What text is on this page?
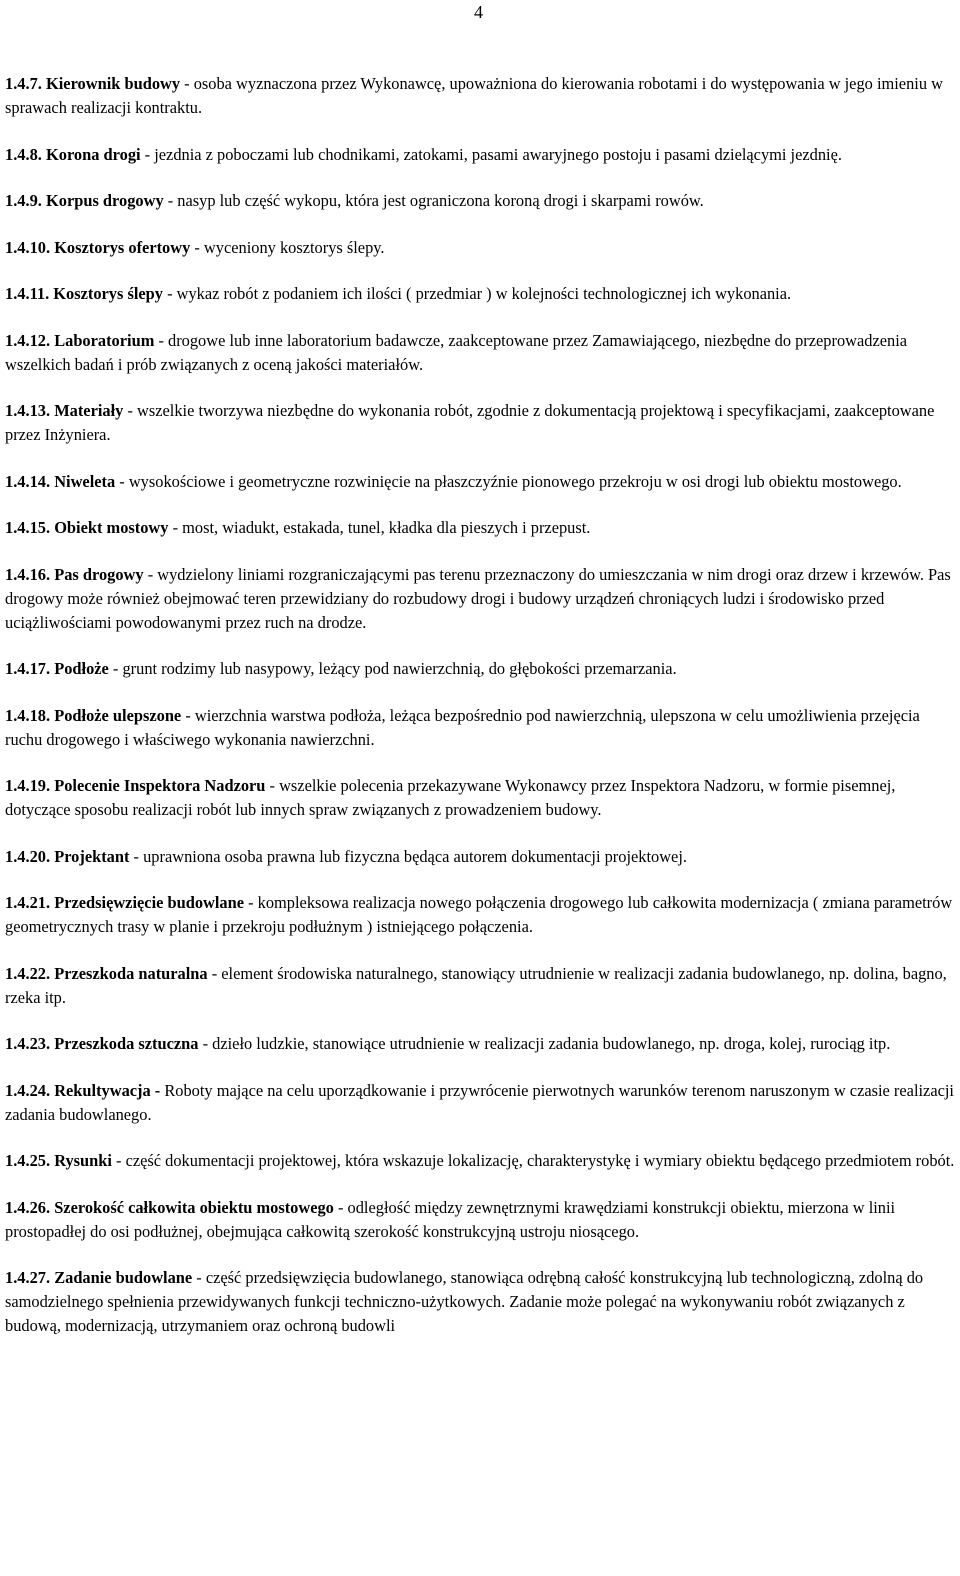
4

1.4.7. Kierownik budowy - osoba wyznaczona przez Wykonawcę, upoważniona do kierowania robotami i do występowania w jego imieniu w sprawach realizacji kontraktu.

1.4.8. Korona drogi - jezdnia z poboczami lub chodnikami, zatokami, pasami awaryjnego postoju i pasami dzielącymi jezdnię.

1.4.9. Korpus drogowy - nasyp lub część wykopu, która jest ograniczona koroną drogi i skarpami rowów.

1.4.10. Kosztorys ofertowy - wyceniony kosztorys ślepy.

1.4.11. Kosztorys ślepy - wykaz robót z podaniem ich ilości ( przedmiar ) w kolejności technologicznej ich wykonania.

1.4.12. Laboratorium - drogowe lub inne laboratorium badawcze, zaakceptowane przez Zamawiającego, niezbędne do przeprowadzenia wszelkich badań i prób związanych z oceną jakości materiałów.

1.4.13. Materiały - wszelkie tworzywa niezbędne do wykonania robót, zgodnie z dokumentacją projektową i specyfikacjami, zaakceptowane przez Inżyniera.

1.4.14. Niweleta - wysokościowe i geometryczne rozwinięcie na płaszczyźnie pionowego przekroju w osi drogi lub obiektu mostowego.

1.4.15. Obiekt mostowy - most, wiadukt, estakada, tunel, kładka dla pieszych i przepust.

1.4.16. Pas drogowy - wydzielony liniami rozgraniczającymi pas terenu przeznaczony do umieszczania w nim drogi oraz drzew i krzewów. Pas drogowy może również obejmować teren przewidziany do rozbudowy drogi i budowy urządzeń chroniących ludzi i środowisko przed uciążliwościami powodowanymi przez ruch na drodze.

1.4.17. Podłoże - grunt rodzimy lub nasypowy, leżący pod nawierzchnią, do głębokości przemarzania.

1.4.18. Podłoże ulepszone - wierzchnia warstwa podłoża, leżąca bezpośrednio pod nawierzchnią, ulepszona w celu umożliwienia przejęcia ruchu drogowego i właściwego wykonania nawierzchni.

1.4.19. Polecenie Inspektora Nadzoru - wszelkie polecenia przekazywane Wykonawcy przez Inspektora Nadzoru, w formie pisemnej, dotyczące sposobu realizacji robót lub innych spraw związanych z prowadzeniem budowy.

1.4.20. Projektant - uprawniona osoba prawna lub fizyczna będąca autorem dokumentacji projektowej.

1.4.21. Przedsięwzięcie budowlane - kompleksowa realizacja nowego połączenia drogowego lub całkowita modernizacja ( zmiana parametrów geometrycznych trasy w planie i przekroju podłużnym ) istniejącego połączenia.

1.4.22. Przeszkoda naturalna - element środowiska naturalnego, stanowiący utrudnienie w realizacji zadania budowlanego, np. dolina, bagno, rzeka itp.

1.4.23. Przeszkoda sztuczna - dzieło ludzkie, stanowiące utrudnienie w realizacji zadania budowlanego, np. droga, kolej, rurociąg itp.

1.4.24. Rekultywacja - Roboty mające na celu uporządkowanie i przywrócenie pierwotnych warunków terenom naruszonym w czasie realizacji zadania budowlanego.

1.4.25. Rysunki - część dokumentacji projektowej, która wskazuje lokalizację, charakterystykę i wymiary obiektu będącego przedmiotem robót.

1.4.26. Szerokość całkowita obiektu mostowego - odległość między zewnętrznymi krawędziami konstrukcji obiektu, mierzona w linii prostopadłej do osi podłużnej, obejmująca całkowitą szerokość konstrukcyjną ustroju niosącego.

1.4.27. Zadanie budowlane - część przedsięwzięcia budowlanego, stanowiąca odrębną całość konstrukcyjną lub technologiczną, zdolną do samodzielnego spełnienia przewidywanych funkcji techniczno-użytkowych. Zadanie może polegać na wykonywaniu robót związanych z budową, modernizacją, utrzymaniem oraz ochroną budowli
